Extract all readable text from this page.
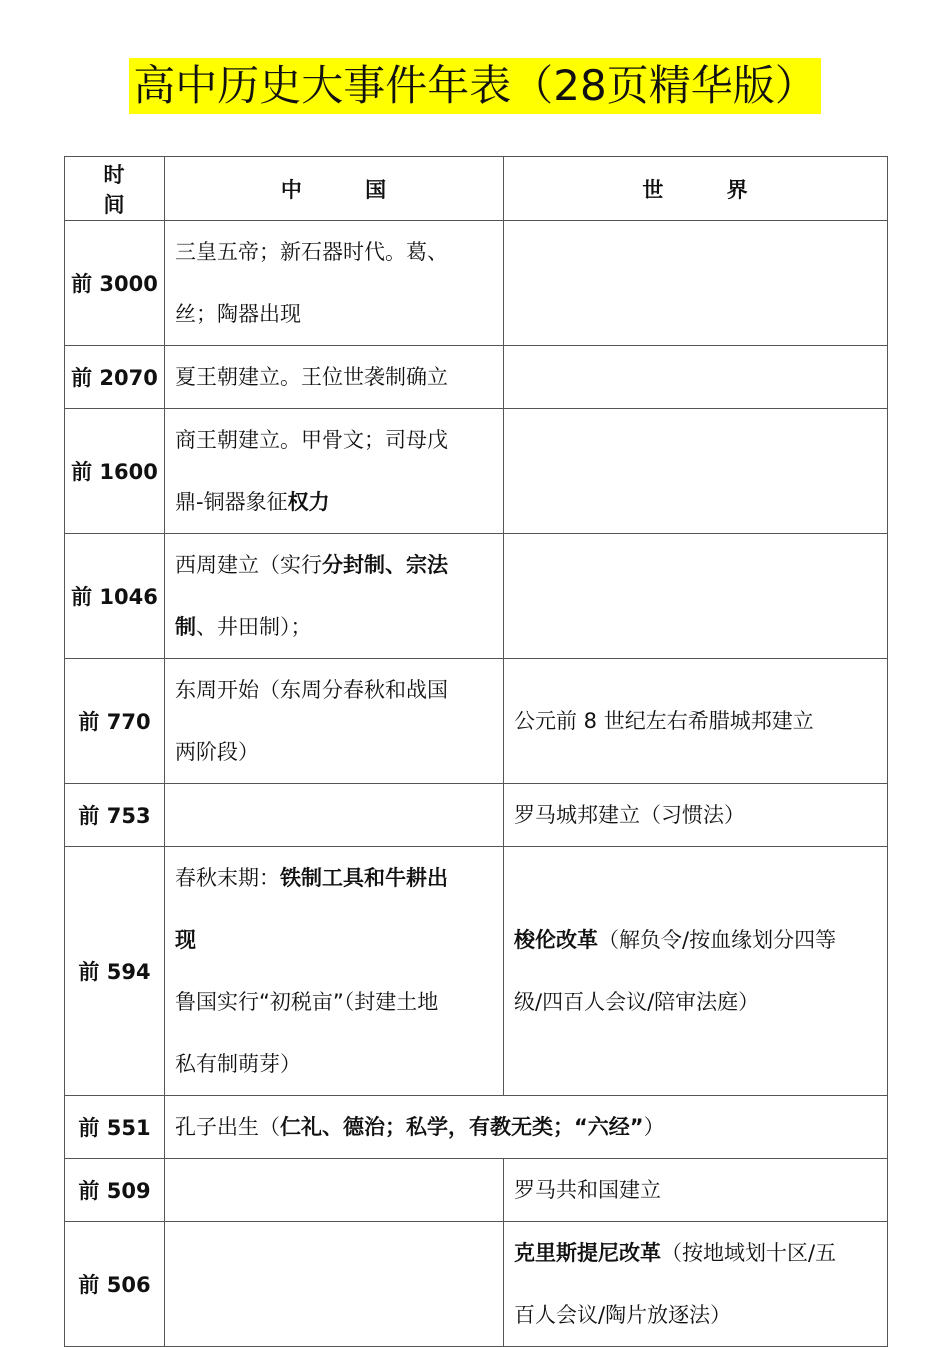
高中历史大事件年表（28页精华版）
时 间	中 国	世 界
前 3000	三皇五帝；新石器时代。葛、
丝；陶器出现	

前 2070	夏王朝建立。王位世袭制确立	

前 1600	商王朝建立。甲骨文；司母戊
鼎-铜器象征权力	

前 1046	西周建立（实行分封制、宗法
制、井田制）；	

前 770	东周开始（东周分春秋和战国
两阶段）	公元前 8 世纪左右希腊城邦建立

前 753		罗马城邦建立（习惯法）

前 594	春秋末期：铁制工具和牛耕出
现
鲁国实行“初税亩”（封建土地
私有制萌芽）	梭伦改革（解负令/按血缘划分四等
级/四百人会议/陪审法庭）

前 551	孔子出生（仁礼、德治；私学，有教无类；“六经”）	

前 509		罗马共和国建立

前 506		克里斯提尼改革（按地域划十区/五
百人会议/陶片放逐法）
